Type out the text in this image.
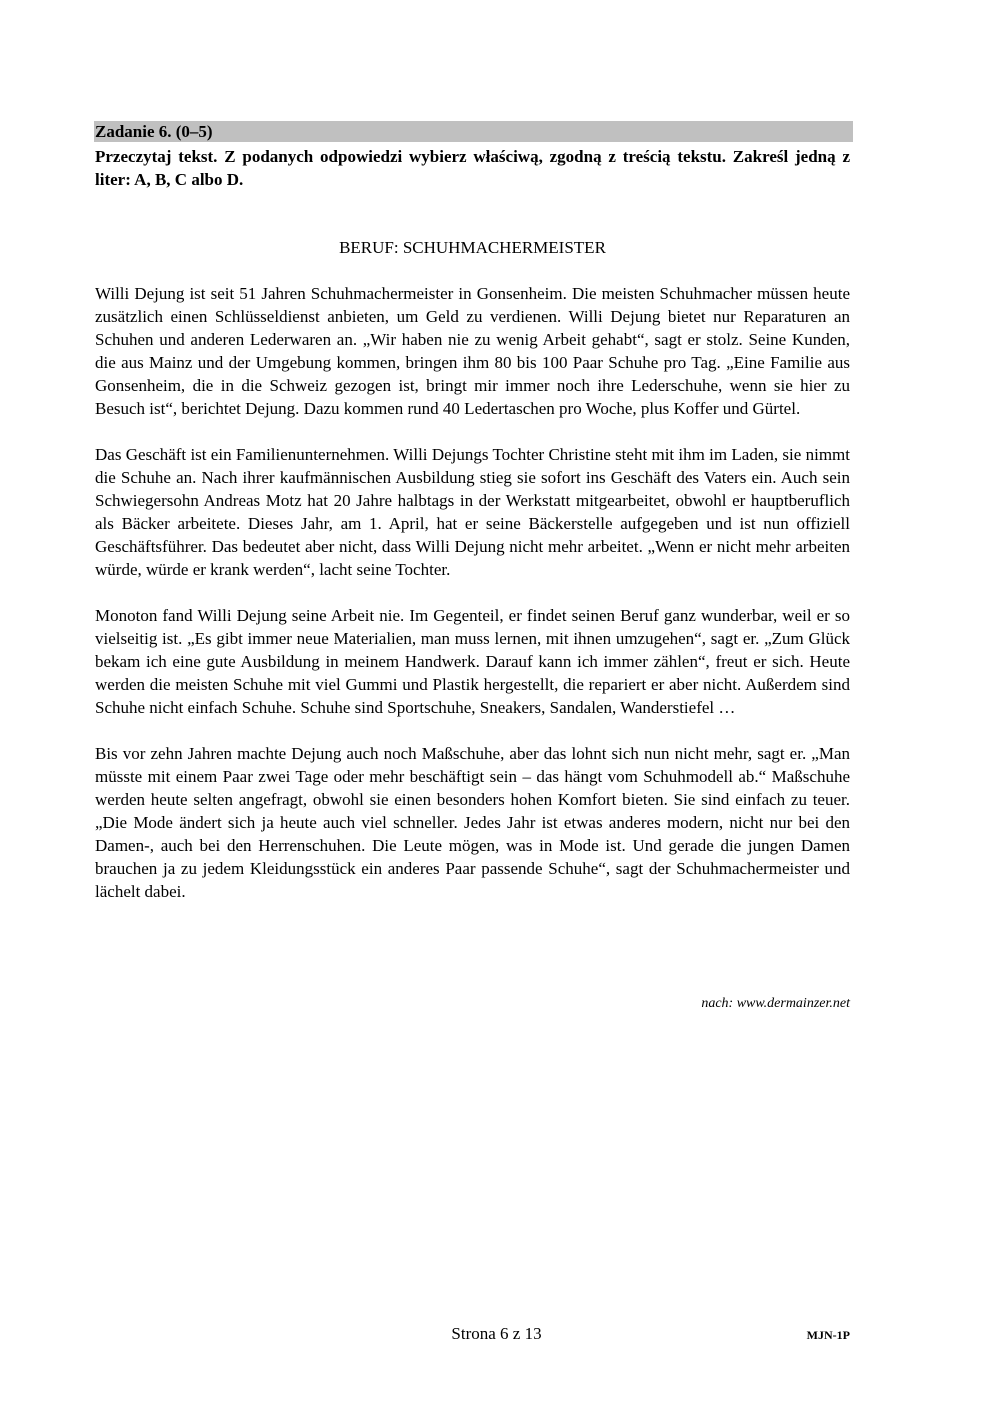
Zadanie 6. (0–5)
Przeczytaj tekst. Z podanych odpowiedzi wybierz właściwą, zgodną z treścią tekstu. Zakreśl jedną z liter: A, B, C albo D.
BERUF: SCHUHMACHERMEISTER

Willi Dejung ist seit 51 Jahren Schuhmachermeister in Gonsenheim. Die meisten Schuhmacher müssen heute zusätzlich einen Schlüsseldienst anbieten, um Geld zu verdienen. Willi Dejung bietet nur Reparaturen an Schuhen und anderen Lederwaren an. „Wir haben nie zu wenig Arbeit gehabt“, sagt er stolz. Seine Kunden, die aus Mainz und der Umgebung kommen, bringen ihm 80 bis 100 Paar Schuhe pro Tag. „Eine Familie aus Gonsenheim, die in die Schweiz gezogen ist, bringt mir immer noch ihre Lederschuhe, wenn sie hier zu Besuch ist“, berichtet Dejung. Dazu kommen rund 40 Ledertaschen pro Woche, plus Koffer und Gürtel.

Das Geschäft ist ein Familienunternehmen. Willi Dejungs Tochter Christine steht mit ihm im Laden, sie nimmt die Schuhe an. Nach ihrer kaufmännischen Ausbildung stieg sie sofort ins Geschäft des Vaters ein. Auch sein Schwiegersohn Andreas Motz hat 20 Jahre halbtags in der Werkstatt mitgearbeitet, obwohl er hauptberuflich als Bäcker arbeitete. Dieses Jahr, am 1. April, hat er seine Bäckerstelle aufgegeben und ist nun offiziell Geschäftsführer. Das bedeutet aber nicht, dass Willi Dejung nicht mehr arbeitet. „Wenn er nicht mehr arbeiten würde, würde er krank werden“, lacht seine Tochter.

Monoton fand Willi Dejung seine Arbeit nie. Im Gegenteil, er findet seinen Beruf ganz wunderbar, weil er so vielseitig ist. „Es gibt immer neue Materialien, man muss lernen, mit ihnen umzugehen“, sagt er. „Zum Glück bekam ich eine gute Ausbildung in meinem Handwerk. Darauf kann ich immer zählen“, freut er sich. Heute werden die meisten Schuhe mit viel Gummi und Plastik hergestellt, die repariert er aber nicht. Außerdem sind Schuhe nicht einfach Schuhe. Schuhe sind Sportschuhe, Sneakers, Sandalen, Wanderstiefel …

Bis vor zehn Jahren machte Dejung auch noch Maßschuhe, aber das lohnt sich nun nicht mehr, sagt er. „Man müsste mit einem Paar zwei Tage oder mehr beschäftigt sein – das hängt vom Schuhmodell ab.“ Maßschuhe werden heute selten angefragt, obwohl sie einen besonders hohen Komfort bieten. Sie sind einfach zu teuer. „Die Mode ändert sich ja heute auch viel schneller. Jedes Jahr ist etwas anderes modern, nicht nur bei den Damen-, auch bei den Herrenschuhen. Die Leute mögen, was in Mode ist. Und gerade die jungen Damen brauchen ja zu jedem Kleidungsstück ein anderes Paar passende Schuhe“, sagt der Schuhmachermeister und lächelt dabei.

nach: www.dermainzer.net
Strona 6 z 13	MJN-1P
